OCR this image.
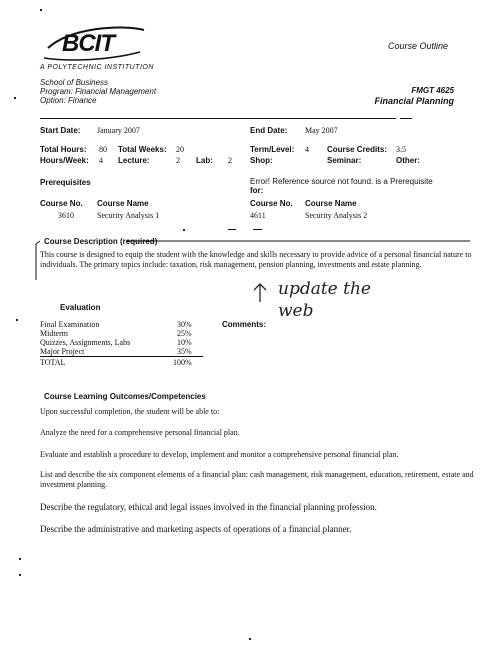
BCIT
A POLYTECHNIC INSTITUTION
Course Outline
School of Business
Program: Financial Management
Option: Finance
FMGT 4625
Financial Planning
Start Date: January 2007	End Date: May 2007
Total Hours: 80 Total Weeks: 20	Term/Level: 4 Course Credits: 3.5
Hours/Week: 4 Lecture:	2 Lab: 2 Shop:	Seminar:	Other:
Prerequisites	Error! Reference source not found. is a Prerequisite
for:
Course No. Course Name	Course No. Course Name
3610	Security Analysis 1	4611	Security Analysis 2
Course Description (required)
This course is designed to equip the student with the knowledge and skills necessary to provide advice of a personal financial nature to individuals. The primary topics include: taxation, risk management, pension planning, investments and estate planning.
update the web
Evaluation
Comments:
Final Examination	30%
Midterm	25%
Quizzes, Assignments, Labs	10%
Major Project	35%
TOTAL	100%
Course Learning Outcomes/Competencies
Upon successful completion, the student will be able to:
Analyze the need for a comprehensive personal financial plan.
Evaluate and establish a procedure to develop, implement and monitor a comprehensive personal financial plan.
List and describe the six component elements of a financial plan: cash management, risk management, education, retirement, estate and investment planning.
Describe the regulatory, ethical and legal issues involved in the financial planning profession.
Describe the administrative and marketing aspects of operations of a financial planner.
